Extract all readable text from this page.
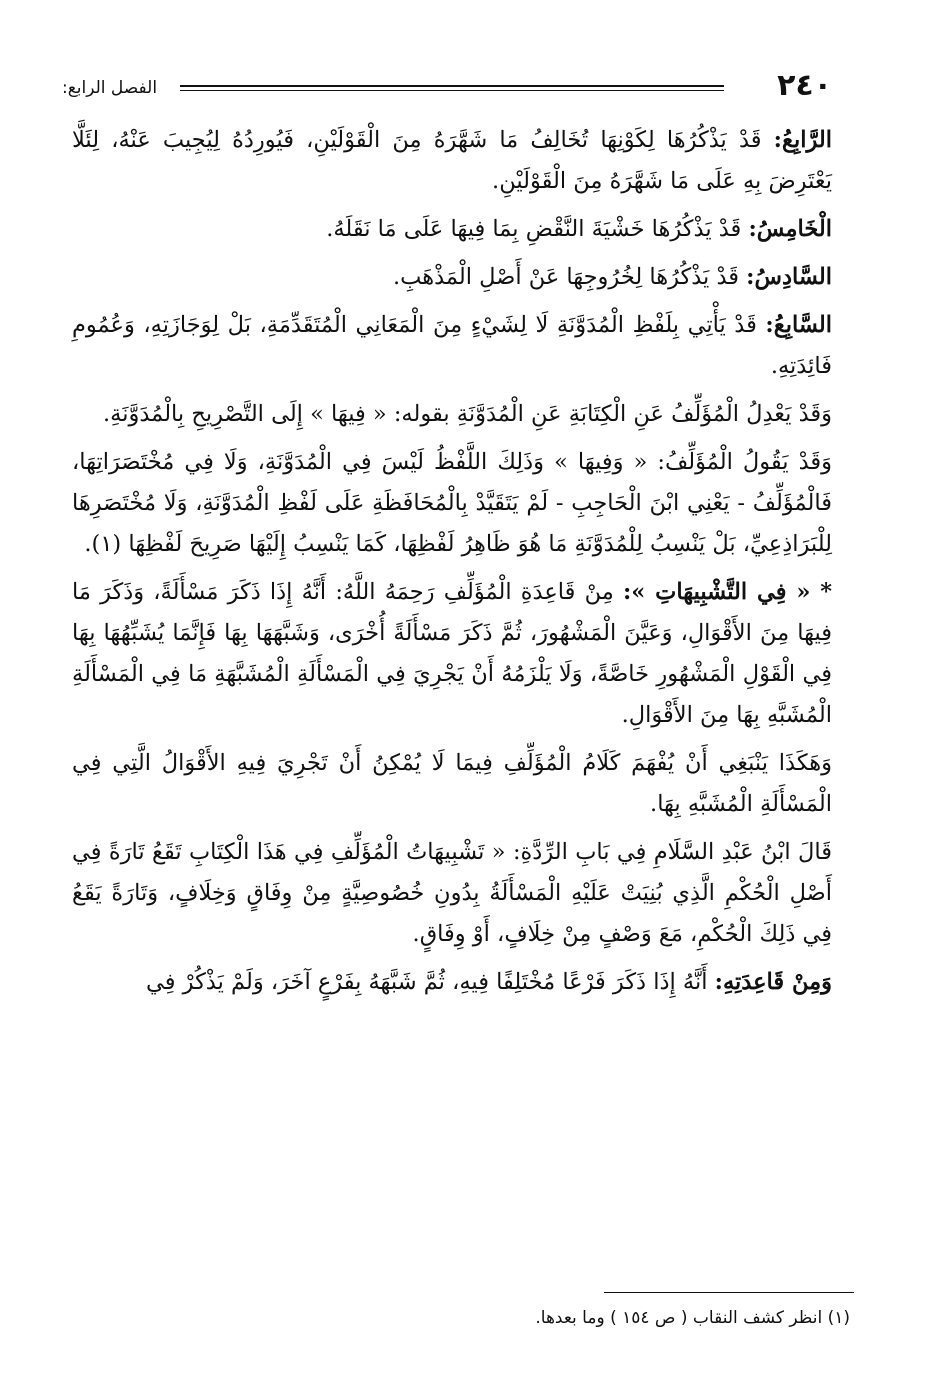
٢٤٠
الفصل الرابع:

الرَّابِعُ: قَدْ يَذْكُرُهَا لِكَوْنِهَا تُخَالِفُ مَا شَهَّرَهُ مِنَ الْقَوْلَيْنِ، فَيُورِدُهُ لِيُجِيبَ عَنْهُ، لِئَلَّا يَعْتَرِضَ بِهِ عَلَى مَا شَهَّرَهُ مِنَ الْقَوْلَيْنِ.

الْخَامِسُ: قَدْ يَذْكُرُهَا خَشْيَةَ النَّقْضِ بِمَا فِيهَا عَلَى مَا نَقَلَهُ.

السَّادِسُ: قَدْ يَذْكُرُهَا لِخُرُوجِهَا عَنْ أَصْلِ الْمَذْهَبِ.

السَّابِعُ: قَدْ يَأْتِي بِلَفْظِ الْمُدَوَّنَةِ لَا لِشَيْءٍ مِنَ الْمَعَانِي الْمُتَقَدِّمَةِ، بَلْ لِوَجَازَتِهِ، وَعُمُومِ فَائِدَتِهِ.

وَقَدْ يَعْدِلُ الْمُؤَلِّفُ عَنِ الْكِتَابَةِ عَنِ الْمُدَوَّنَةِ بقوله: « فِيهَا » إِلَى التَّصْرِيحِ بِالْمُدَوَّنَةِ.

وَقَدْ يَقُولُ الْمُؤَلِّفُ: « وَفِيهَا » وَذَلِكَ اللَّفْظُ لَيْسَ فِي الْمُدَوَّنَةِ، وَلَا فِي مُخْتَصَرَاتِهَا، فَالْمُؤَلِّفُ - يَعْنِي ابْنَ الْحَاجِبِ - لَمْ يَتَقَيَّدْ بِالْمُحَافَظَةِ عَلَى لَفْظِ الْمُدَوَّنَةِ، وَلَا مُخْتَصَرِهَا لِلْبَرَاذِعِيِّ، بَلْ يَنْسِبُ لِلْمُدَوَّنَةِ مَا هُوَ ظَاهِرُ لَفْظِهَا، كَمَا يَنْسِبُ إِلَيْهَا صَرِيحَ لَفْظِهَا (١).

* « فِي التَّشْبِيهَاتِ »: مِنْ قَاعِدَةِ الْمُؤَلِّفِ رَحِمَهُ اللَّهُ: أَنَّهُ إِذَا ذَكَرَ مَسْأَلَةً، وَذَكَرَ مَا فِيهَا مِنَ الأَقْوَالِ، وَعَيَّنَ الْمَشْهُورَ، ثُمَّ ذَكَرَ مَسْأَلَةً أُخْرَى، وَشَبَّهَهَا بِهَا فَإِنَّمَا يُشَبِّهُهَا بِهَا فِي الْقَوْلِ الْمَشْهُورِ خَاصَّةً، وَلَا يَلْزَمُهُ أَنْ يَجْرِيَ فِي الْمَسْأَلَةِ الْمُشَبَّهَةِ مَا فِي الْمَسْأَلَةِ الْمُشَبَّهِ بِهَا مِنَ الأَقْوَالِ.

وَهَكَذَا يَنْبَغِي أَنْ يُفْهَمَ كَلَامُ الْمُؤَلِّفِ فِيمَا لَا يُمْكِنُ أَنْ تَجْرِيَ فِيهِ الأَقْوَالُ الَّتِي فِي الْمَسْأَلَةِ الْمُشَبَّهِ بِهَا.

قَالَ ابْنُ عَبْدِ السَّلَامِ فِي بَابِ الرِّدَّةِ: « تَشْبِيهَاتُ الْمُؤَلِّفِ فِي هَذَا الْكِتَابِ تَقَعُ تَارَةً فِي أَصْلِ الْحُكْمِ الَّذِي بُنِيَتْ عَلَيْهِ الْمَسْأَلَةُ بِدُونِ خُصُوصِيَّةٍ مِنْ وِفَاقٍ وَخِلَافٍ، وَتَارَةً يَقَعُ فِي ذَلِكَ الْحُكْمِ، مَعَ وَصْفٍ مِنْ خِلَافٍ، أَوْ وِفَاقٍ.

وَمِنْ قَاعِدَتِهِ: أَنَّهُ إِذَا ذَكَرَ فَرْعًا مُخْتَلِفًا فِيهِ، ثُمَّ شَبَّهَهُ بِفَرْعٍ آخَرَ، وَلَمْ يَذْكُرْ فِي

(١) انظر كشف النقاب ( ص ١٥٤ ) وما بعدها.
